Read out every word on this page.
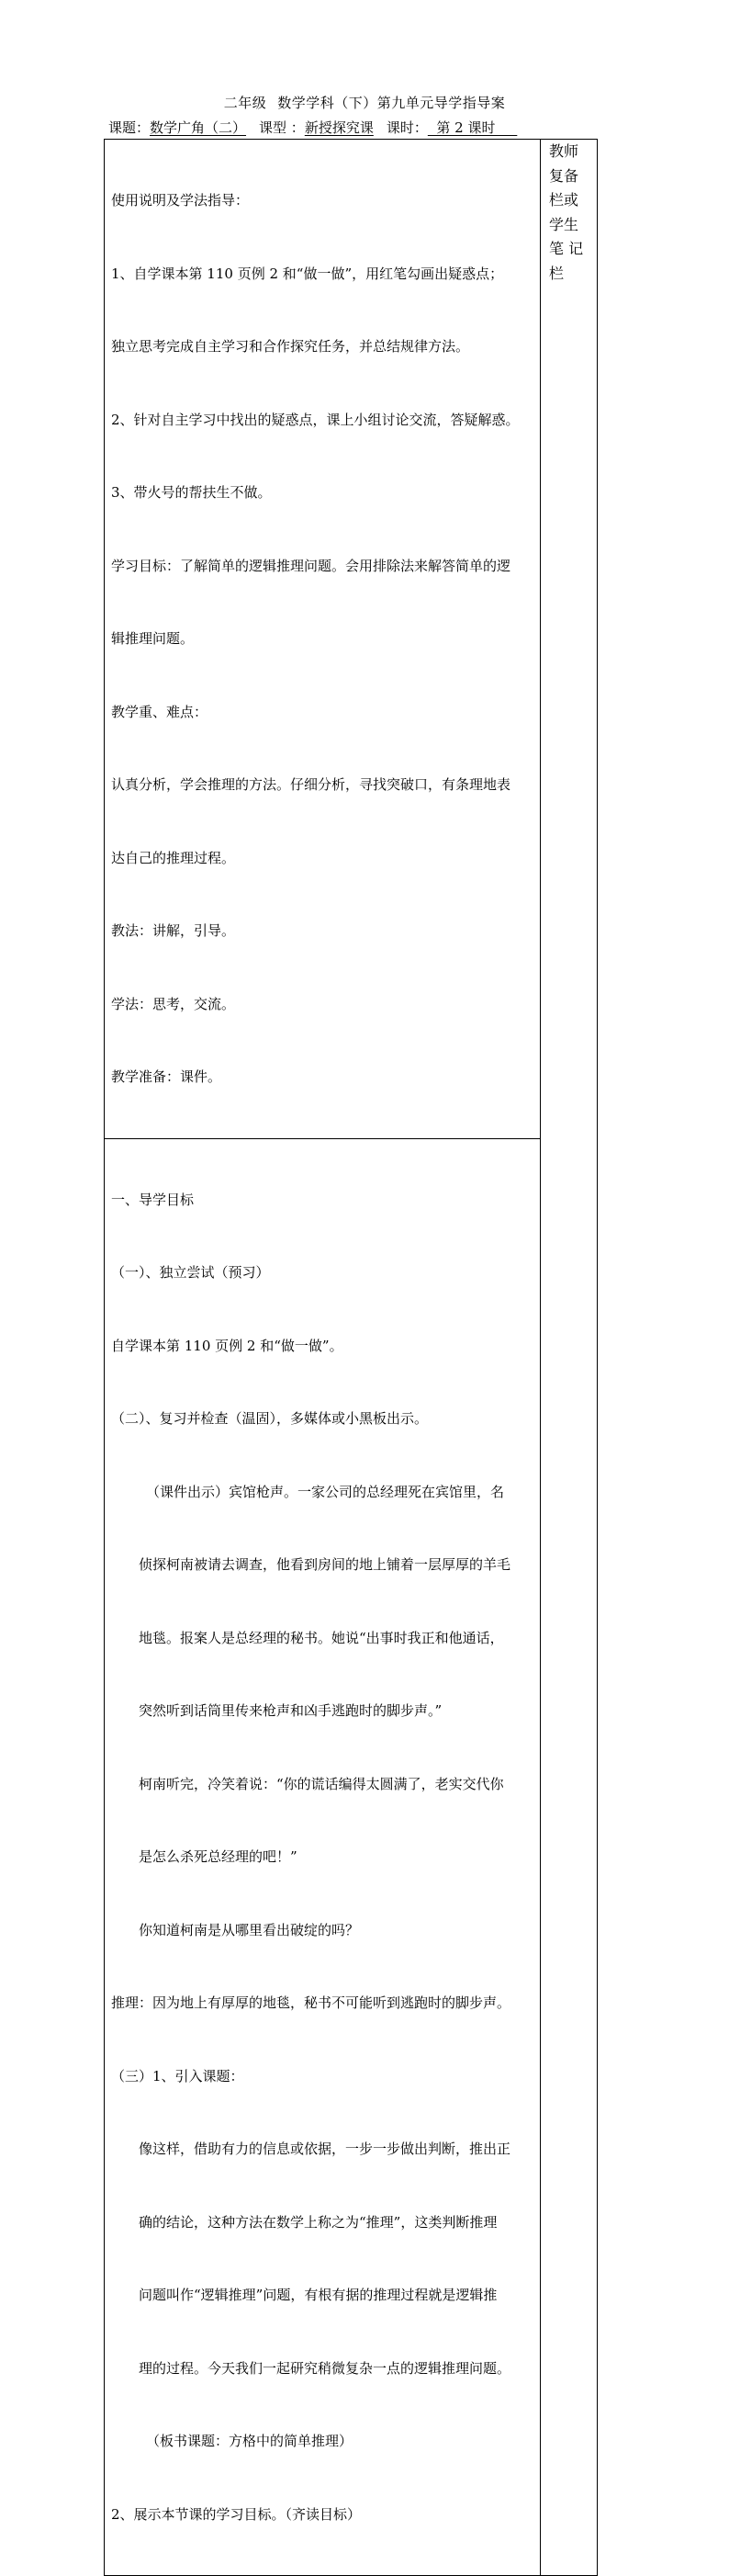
二年级 数学学科（下）第九单元导学指导案
课题：数学广角（二） 课型 ：新授探究课 课时：  第 2 课时

使用说明及学法指导：

1、自学课本第 110 页例 2 和“做一做”，用红笔勾画出疑惑点；

独立思考完成自主学习和合作探究任务，并总结规律方法。

2、针对自主学习中找出的疑惑点，课上小组讨论交流，答疑解惑。

3、带火号的帮扶生不做。

学习目标：了解简单的逻辑推理问题。会用排除法来解答简单的逻

辑推理问题。

教学重、难点：

认真分析，学会推理的方法。仔细分析，寻找突破口，有条理地表

达自己的推理过程。

教法：讲解，引导。

学法：思考，交流。

教学准备：课件。

教师
复备
栏或
学生
笔 记
栏

一、导学目标

（一）、独立尝试（预习）

自学课本第 110 页例 2 和“做一做”。

（二）、复习并检查（温固），多媒体或小黑板出示。

（课件出示）宾馆枪声。一家公司的总经理死在宾馆里，名

侦探柯南被请去调查，他看到房间的地上铺着一层厚厚的羊毛

地毯。报案人是总经理的秘书。她说“出事时我正和他通话，

突然听到话筒里传来枪声和凶手逃跑时的脚步声。”

柯南听完，冷笑着说：“你的谎话编得太圆满了，老实交代你

是怎么杀死总经理的吧！”

你知道柯南是从哪里看出破绽的吗？

推理：因为地上有厚厚的地毯，秘书不可能听到逃跑时的脚步声。

（三）1、引入课题：

像这样，借助有力的信息或依据，一步一步做出判断，推出正

确的结论，这种方法在数学上称之为“推理”，这类判断推理

问题叫作“逻辑推理”问题，有根有据的推理过程就是逻辑推

理的过程。今天我们一起研究稍微复杂一点的逻辑推理问题。

（板书课题：方格中的简单推理）

2、展示本节课的学习目标。（齐读目标）
